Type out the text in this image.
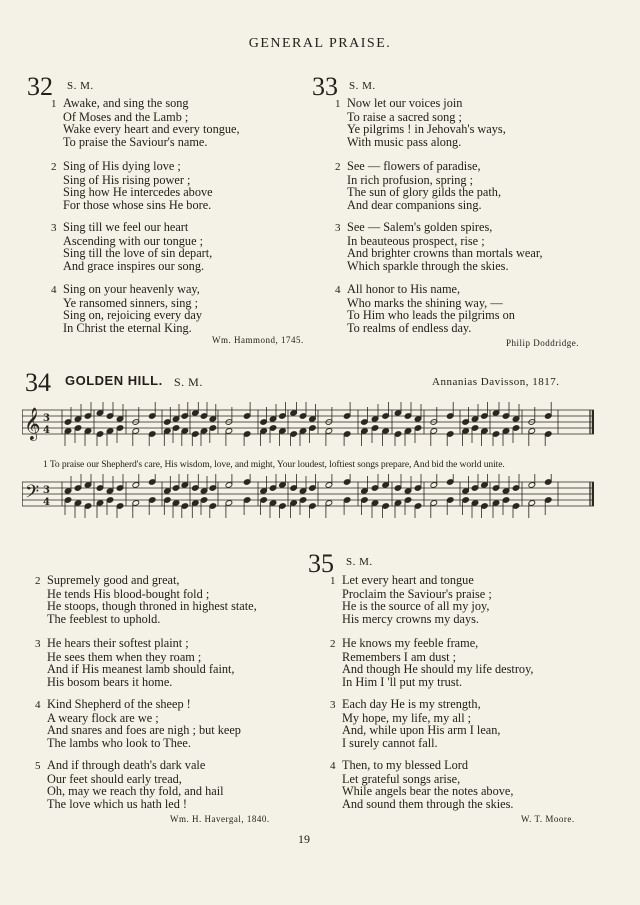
GENERAL PRAISE.
32 S. M.
1 Awake, and sing the song
Of Moses and the Lamb ;
Wake every heart and every tongue,
To praise the Saviour's name.
2 Sing of His dying love ;
Sing of His rising power ;
Sing how He intercedes above
For those whose sins He bore.
3 Sing till we feel our heart
Ascending with our tongue ;
Sing till the love of sin depart,
And grace inspires our song.
4 Sing on your heavenly way,
Ye ransomed sinners, sing ;
Sing on, rejoicing every day
In Christ the eternal King.
Wm. Hammond, 1745.
33 S. M.
1 Now let our voices join
To raise a sacred song ;
Ye pilgrims ! in Jehovah's ways,
With music pass along.
2 See — flowers of paradise,
In rich profusion, spring ;
The sun of glory gilds the path,
And dear companions sing.
3 See — Salem's golden spires,
In beauteous prospect, rise ;
And brighter crowns than mortals wear,
Which sparkle through the skies.
4 All honor to His name,
Who marks the shining way, —
To Him who leads the pilgrims on
To realms of endless day.
Philip Doddridge.
34 GOLDEN HILL. S. M.	Annanias Davisson, 1817.
𝄞 3
4
1 To praise our Shepherd's care, His wisdom, love, and might, Your loudest, loftiest songs prepare, And bid the world unite.
𝄢 3
4
2 Supremely good and great,
He tends His blood-bought fold ;
He stoops, though throned in highest state,
The feeblest to uphold.
3 He hears their softest plaint ;
He sees them when they roam ;
And if His meanest lamb should faint,
His bosom bears it home.
4 Kind Shepherd of the sheep !
A weary flock are we ;
And snares and foes are nigh ; but keep
The lambs who look to Thee.
5 And if through death's dark vale
Our feet should early tread,
Oh, may we reach thy fold, and hail
The love which us hath led !
Wm. H. Havergal, 1840.
35 S. M.
1 Let every heart and tongue
Proclaim the Saviour's praise ;
He is the source of all my joy,
His mercy crowns my days.
2 He knows my feeble frame,
Remembers I am dust ;
And though He should my life destroy,
In Him I 'll put my trust.
3 Each day He is my strength,
My hope, my life, my all ;
And, while upon His arm I lean,
I surely cannot fall.
4 Then, to my blessed Lord
Let grateful songs arise,
While angels bear the notes above,
And sound them through the skies.
W. T. Moore.
19
